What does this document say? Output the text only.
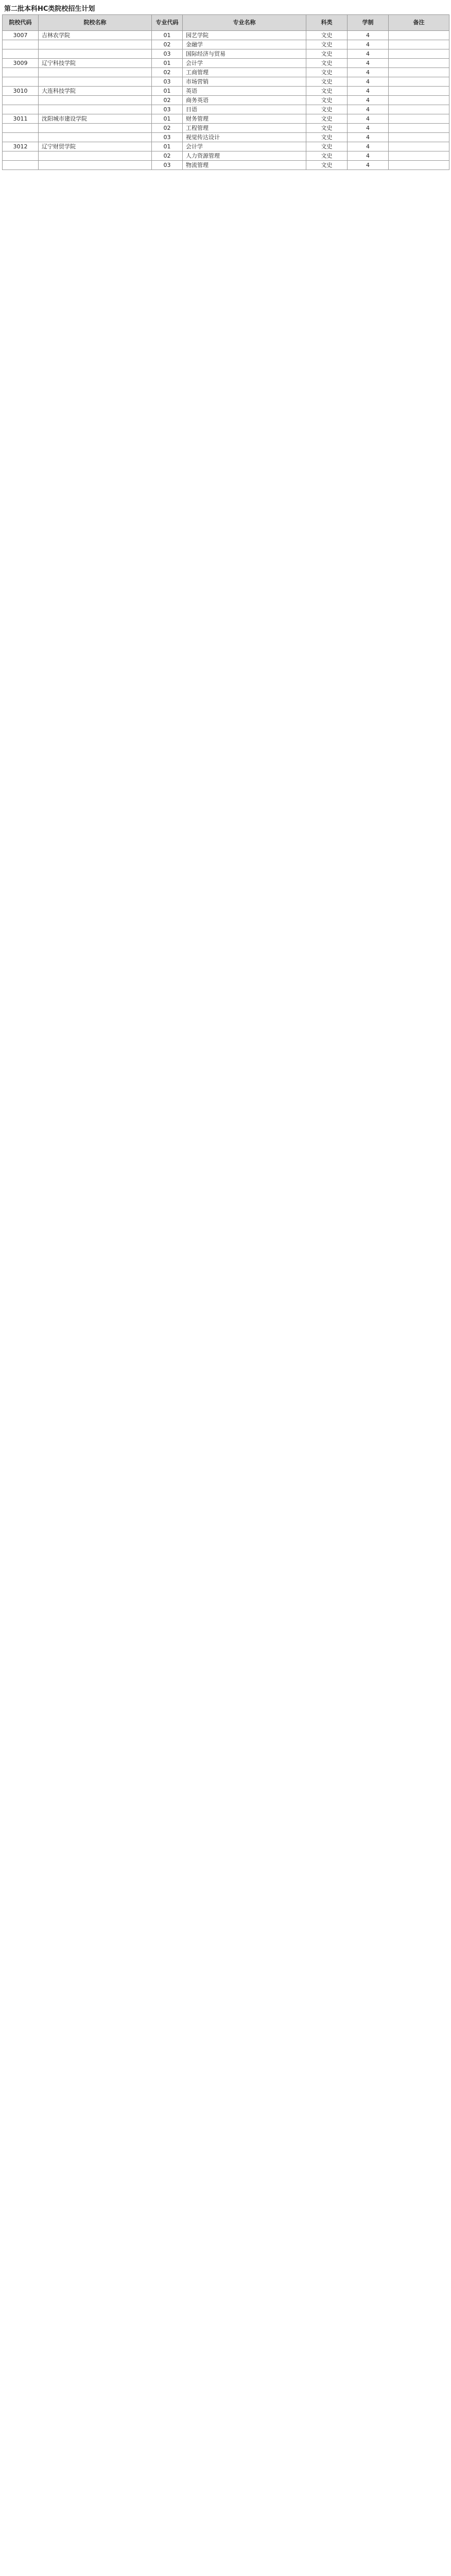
第二批本科HC类院校招生计划
院校代码	院校名称	专业代码	专业名称	科类	学制	备注
3007	吉林农学院	01	园艺学院	文史	4	
		02	金融学	文史	4	
		03	国际经济与贸易	文史	4	
3009	辽宁科技学院	01	会计学	文史	4	
		02	工商管理	文史	4	
		03	市场营销	文史	4	
3010	大连科技学院	01	英语	文史	4	
		02	商务英语	文史	4	
		03	日语	文史	4	
3011	沈阳城市建设学院	01	财务管理	文史	4	
		02	工程管理	文史	4	
		03	视觉传达设计	文史	4	
3012	辽宁财贸学院	01	会计学	文史	4	
		02	人力资源管理	文史	4	
		03	物流管理	文史	4	
